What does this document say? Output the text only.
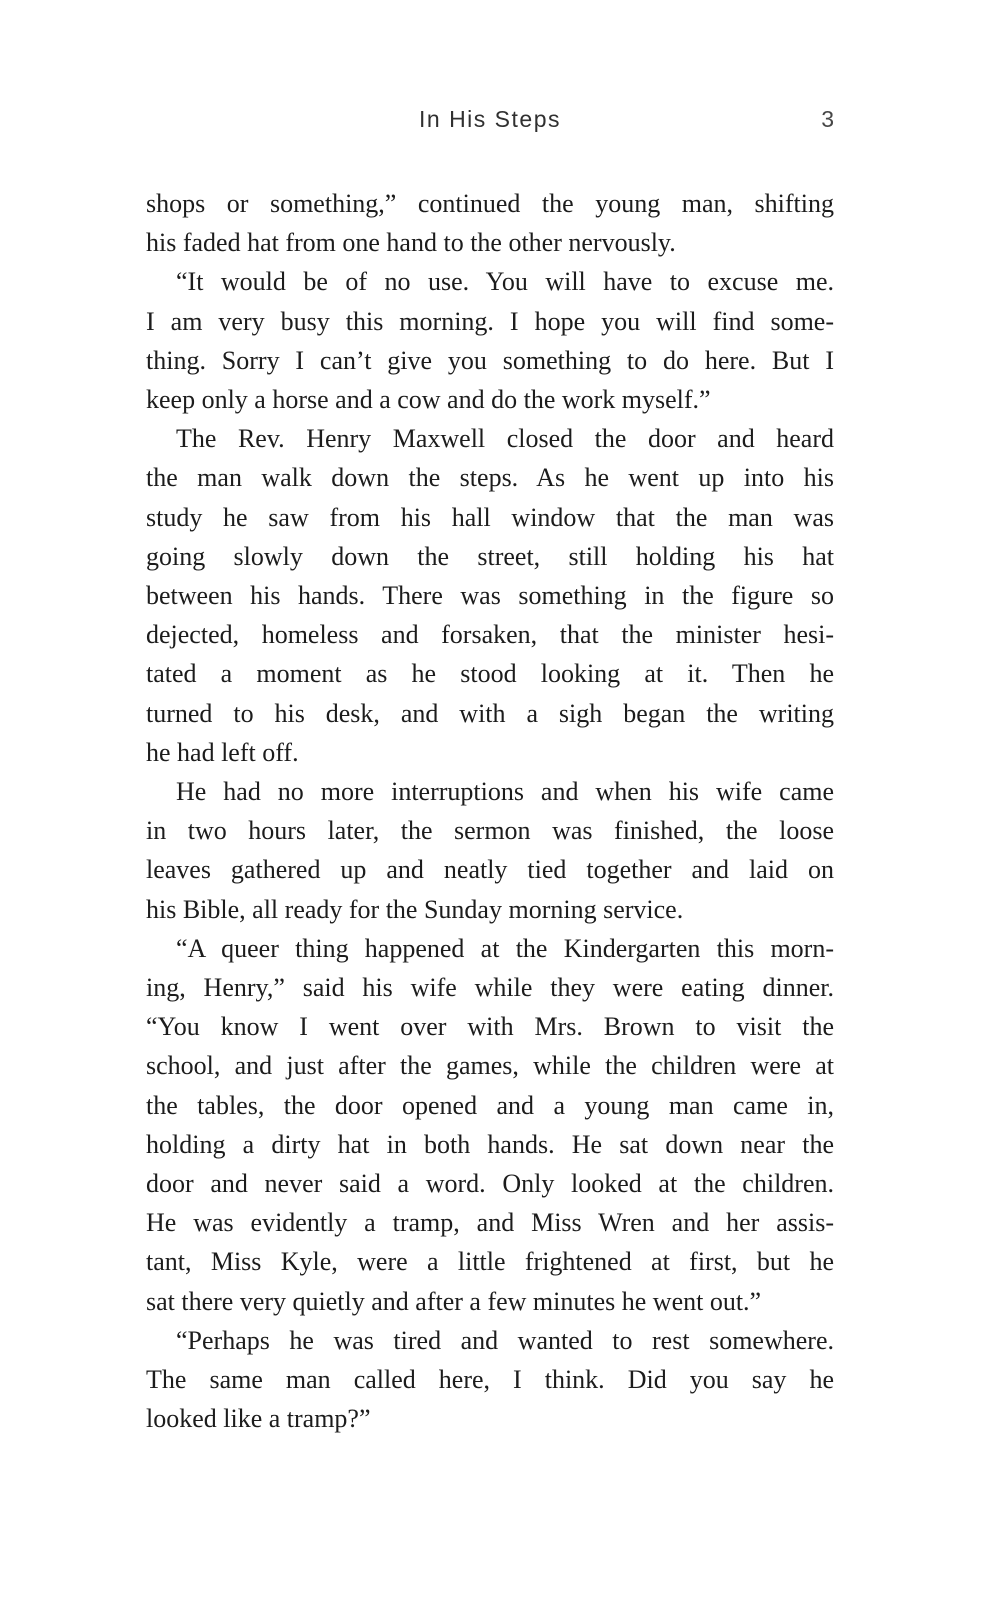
In His Steps	3
shops or something,” continued the young man, shifting
his faded hat from one hand to the other nervously.
“It would be of no use. You will have to excuse me.
I am very busy this morning. I hope you will find some-
thing. Sorry I can’t give you something to do here. But I
keep only a horse and a cow and do the work myself.”
The Rev. Henry Maxwell closed the door and heard
the man walk down the steps. As he went up into his
study he saw from his hall window that the man was
going slowly down the street, still holding his hat
between his hands. There was something in the figure so
dejected, homeless and forsaken, that the minister hesi-
tated a moment as he stood looking at it. Then he
turned to his desk, and with a sigh began the writing
he had left off.
He had no more interruptions and when his wife came
in two hours later, the sermon was finished, the loose
leaves gathered up and neatly tied together and laid on
his Bible, all ready for the Sunday morning service.
“A queer thing happened at the Kindergarten this morn-
ing, Henry,” said his wife while they were eating dinner.
“You know I went over with Mrs. Brown to visit the
school, and just after the games, while the children were at
the tables, the door opened and a young man came in,
holding a dirty hat in both hands. He sat down near the
door and never said a word. Only looked at the children.
He was evidently a tramp, and Miss Wren and her assis-
tant, Miss Kyle, were a little frightened at first, but he
sat there very quietly and after a few minutes he went out.”
“Perhaps he was tired and wanted to rest somewhere.
The same man called here, I think. Did you say he
looked like a tramp?”
